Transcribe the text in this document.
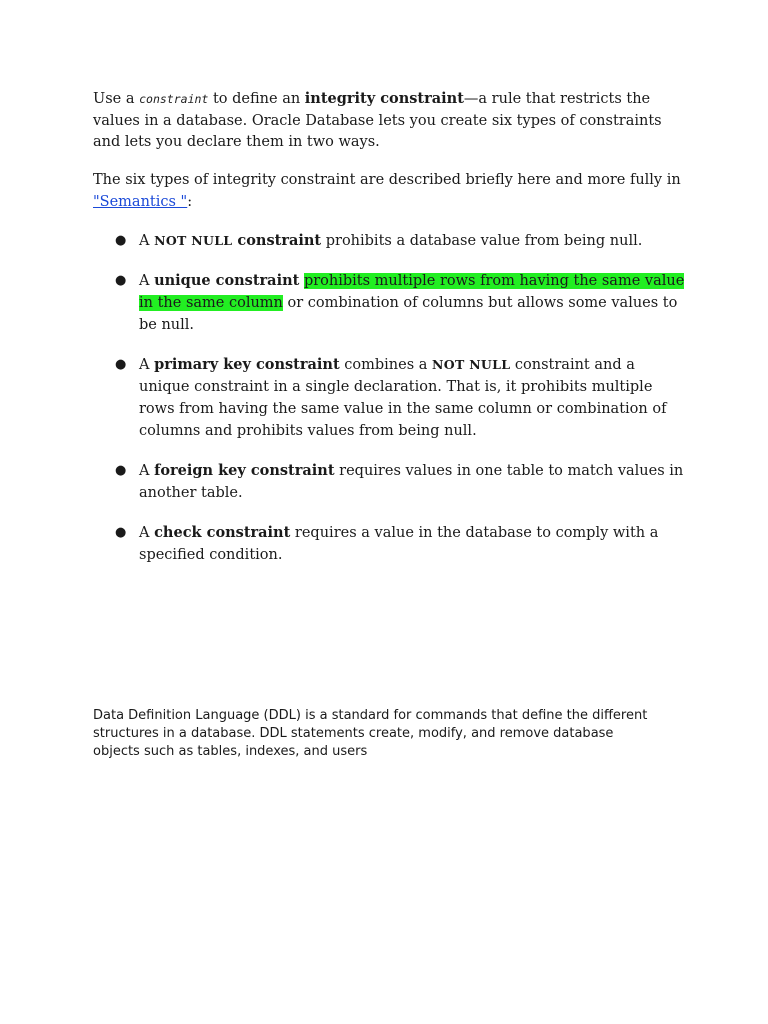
Use a constraint to define an integrity constraint—a rule that restricts the values in a database. Oracle Database lets you create six types of constraints and lets you declare them in two ways.

The six types of integrity constraint are described briefly here and more fully in "Semantics ":

● A NOT NULL constraint prohibits a database value from being null.
● A unique constraint prohibits multiple rows from having the same value in the same column or combination of columns but allows some values to be null.
● A primary key constraint combines a NOT NULL constraint and a unique constraint in a single declaration. That is, it prohibits multiple rows from having the same value in the same column or combination of columns and prohibits values from being null.
● A foreign key constraint requires values in one table to match values in another table.
● A check constraint requires a value in the database to comply with a specified condition.

Data Definition Language (DDL) is a standard for commands that define the different structures in a database. DDL statements create, modify, and remove database objects such as tables, indexes, and users
